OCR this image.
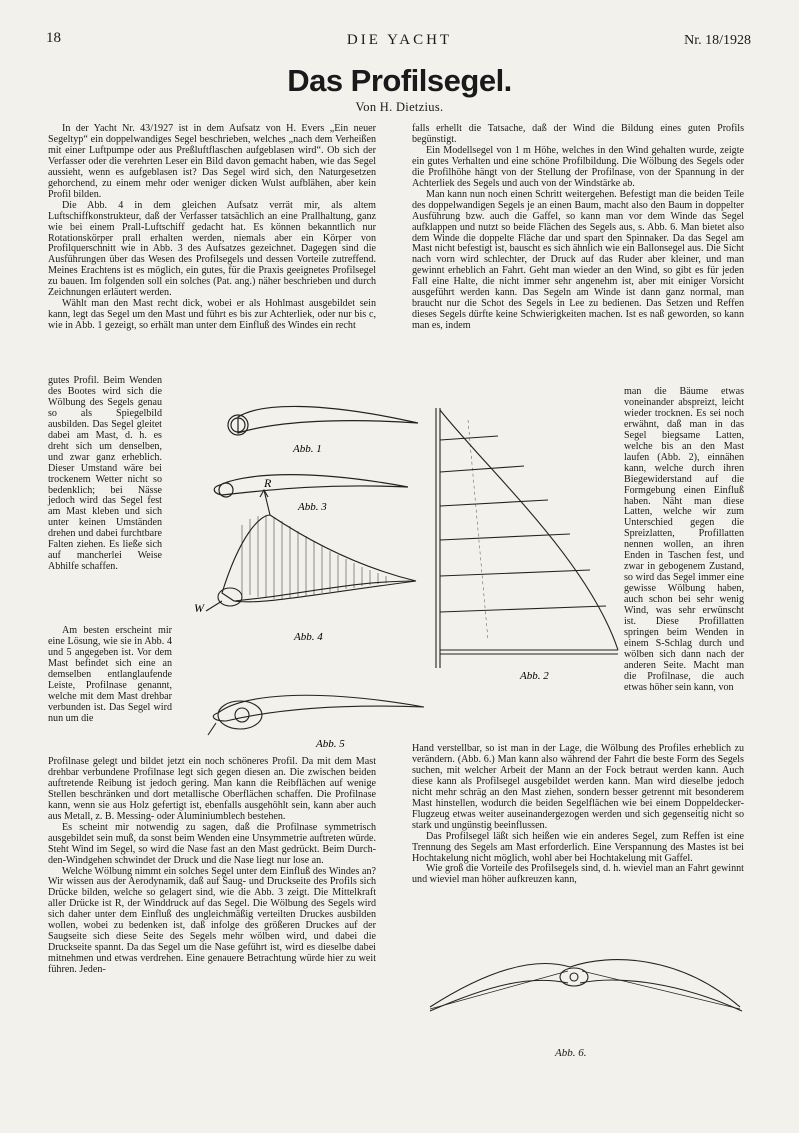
18	DIE YACHT	Nr. 18/1928
Das Profilsegel.
Von H. Dietzius.

In der Yacht Nr. 43/1927 ist in dem Aufsatz von H. Evers „Ein neuer Segeltyp“ ein doppelwandiges Segel beschrieben, welches „nach dem Verheißen mit einer Luftpumpe oder aus Preßluftflaschen aufgeblasen wird“. Ob sich der Verfasser oder die verehrten Leser ein Bild davon gemacht haben, wie das Segel aussieht, wenn es aufgeblasen ist? Das Segel wird sich, den Naturgesetzen gehorchend, zu einem mehr oder weniger dicken Wulst aufblähen, aber kein Profil bilden.

Die Abb. 4 in dem gleichen Aufsatz verrät mir, als altem Luftschiffkonstrukteur, daß der Verfasser tatsächlich an eine Prallhaltung, ganz wie bei einem Prall-Luftschiff gedacht hat. Es können bekanntlich nur Rotationskörper prall erhalten werden, niemals aber ein Körper von Profilquerschnitt wie in Abb. 3 des Aufsatzes gezeichnet. Dagegen sind die Ausführungen über das Wesen des Profilsegels und dessen Vorteile zutreffend. Meines Erachtens ist es möglich, ein gutes, für die Praxis geeignetes Profilsegel zu bauen. Im folgenden soll ein solches (Pat. ang.) näher beschrieben und durch Zeichnungen erläutert werden.

Wählt man den Mast recht dick, wobei er als Hohlmast ausgebildet sein kann, legt das Segel um den Mast und führt es bis zur Achterliek, oder nur bis c, wie in Abb. 1 gezeigt, so erhält man unter dem Einfluß des Windes ein recht

gutes Profil. Beim Wenden des Bootes wird sich die Wölbung des Segels genau so als Spiegelbild ausbilden. Das Segel gleitet dabei am Mast, d. h. es dreht sich um denselben, und zwar ganz erheblich. Dieser Umstand wäre bei trockenem Wetter nicht so bedenklich; bei Nässe jedoch wird das Segel fest am Mast kleben und sich unter keinen Umständen drehen und dabei furchtbare Falten ziehen. Es ließe sich auf mancherlei Weise Abhilfe schaffen.

Am besten erscheint mir eine Lösung, wie sie in Abb. 4 und 5 angegeben ist. Vor dem Mast befindet sich eine an demselben entlanglaufende Leiste, Profilnase genannt, welche mit dem Mast drehbar verbunden ist. Das Segel wird nun um die

Profilnase gelegt und bildet jetzt ein noch schöneres Profil. Da mit dem Mast drehbar verbundene Profilnase legt sich gegen diesen an. Die zwischen beiden auftretende Reibung ist jedoch gering. Man kann die Reibflächen auf wenige Stellen beschränken und dort metallische Oberflächen schaffen. Die Profilnase kann, wenn sie aus Holz gefertigt ist, ebenfalls ausgehöhlt sein, kann aber auch aus Metall, z. B. Messing- oder Aluminiumblech bestehen.

Es scheint mir notwendig zu sagen, daß die Profilnase symmetrisch ausgebildet sein muß, da sonst beim Wenden eine Unsymmetrie auftreten würde. Steht Wind im Segel, so wird die Nase fast an den Mast gedrückt. Beim Durch-den-Windgehen schwindet der Druck und die Nase liegt nur lose an.

Welche Wölbung nimmt ein solches Segel unter dem Einfluß des Windes an? Wir wissen aus der Aerodynamik, daß auf Saug- und Druckseite des Profils sich Drücke bilden, welche so gelagert sind, wie die Abb. 3 zeigt. Die Mittelkraft aller Drücke ist R, der Winddruck auf das Segel. Die Wölbung des Segels wird sich daher unter dem Einfluß des ungleichmäßig verteilten Druckes ausbilden wollen, wobei zu bedenken ist, daß infolge des größeren Druckes auf der Saugseite sich diese Seite des Segels mehr wölben wird, und dabei die Druckseite spannt. Da das Segel um die Nase geführt ist, wird es dieselbe dabei mitnehmen und etwas verdrehen. Eine genauere Betrachtung würde hier zu weit führen. Jeden-

falls erhellt die Tatsache, daß der Wind die Bildung eines guten Profils begünstigt.

Ein Modellsegel von 1 m Höhe, welches in den Wind gehalten wurde, zeigte ein gutes Verhalten und eine schöne Profilbildung. Die Wölbung des Segels oder die Profilhöhe hängt von der Stellung der Profilnase, von der Spannung in der Achterliek des Segels und auch von der Windstärke ab.

Man kann nun noch einen Schritt weitergehen. Befestigt man die beiden Teile des doppelwandigen Segels je an einen Baum, macht also den Baum in doppelter Ausführung bzw. auch die Gaffel, so kann man vor dem Winde das Segel aufklappen und nutzt so beide Flächen des Segels aus, s. Abb. 6. Man bietet also dem Winde die doppelte Fläche dar und spart den Spinnaker. Da das Segel am Mast nicht befestigt ist, bauscht es sich ähnlich wie ein Ballonsegel aus. Die Sicht nach vorn wird schlechter, der Druck auf das Ruder aber kleiner, und man gewinnt erheblich an Fahrt. Geht man wieder an den Wind, so gibt es für jeden Fall eine Halte, die nicht immer sehr angenehm ist, aber mit einiger Vorsicht ausgeführt werden kann. Das Segeln am Winde ist dann ganz normal, man braucht nur die Schot des Segels in Lee zu bedienen. Das Setzen und Reffen dieses Segels dürfte keine Schwierigkeiten machen. Ist es naß geworden, so kann man es, indem

man die Bäume etwas voneinander abspreizt, leicht wieder trocknen. Es sei noch erwähnt, daß man in das Segel biegsame Latten, welche bis an den Mast laufen (Abb. 2), einnähen kann, welche durch ihren Biegewiderstand auf die Formgebung einen Einfluß haben. Näht man diese Latten, welche wir zum Unterschied gegen die Spreizlatten, Profillatten nennen wollen, an ihren Enden in Taschen fest, und zwar in gebogenem Zustand, so wird das Segel immer eine gewisse Wölbung haben, auch schon bei sehr wenig Wind, was sehr erwünscht ist. Diese Profillatten springen beim Wenden in einem S-Schlag durch und wölben sich dann nach der anderen Seite. Macht man die Profilnase, die auch etwas höher sein kann, von

Hand verstellbar, so ist man in der Lage, die Wölbung des Profiles erheblich zu verändern. (Abb. 6.) Man kann also während der Fahrt die beste Form des Segels suchen, mit welcher Arbeit der Mann an der Fock betraut werden kann. Auch diese kann als Profilsegel ausgebildet werden kann. Man wird dieselbe jedoch nicht mehr schräg an den Mast ziehen, sondern besser getrennt mit besonderem Mast hinstellen, wodurch die beiden Segelflächen wie bei einem Doppeldecker-Flugzeug etwas weiter auseinandergezogen werden und sich gegenseitig nicht so stark und ungünstig beeinflussen.

Das Profilsegel läßt sich heißen wie ein anderes Segel, zum Reffen ist eine Trennung des Segels am Mast erforderlich. Eine Verspannung des Mastes ist bei Hochtakelung nicht möglich, wohl aber bei Hochtakelung mit Gaffel.

Wie groß die Vorteile des Profilsegels sind, d. h. wieviel man an Fahrt gewinnt und wieviel man höher aufkreuzen kann,

Abb. 1
Abb. 3
R
W
Abb. 4
Abb. 5
Abb. 2
Abb. 6.
